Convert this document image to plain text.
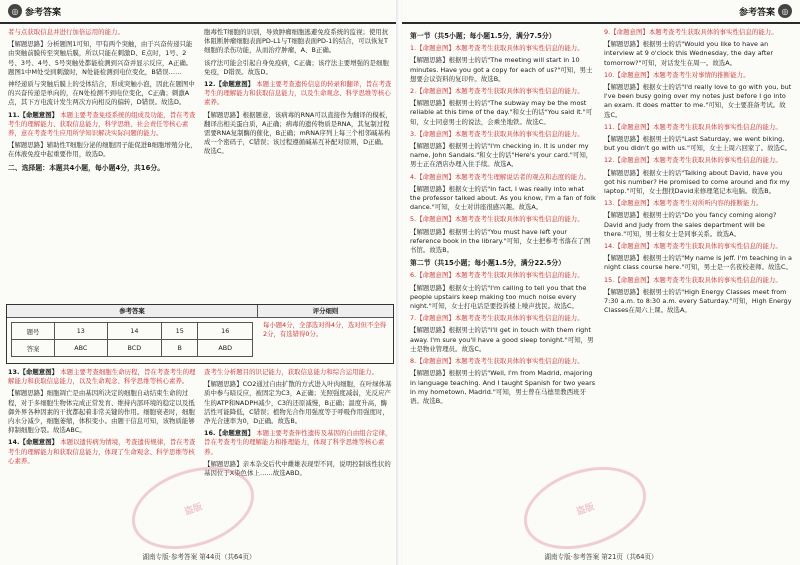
◎ 参考答案

者与点获取信息并进行加倍运用的能力。

【解题思路】分析题图1可知，甲有两个突触，由于兴奋传递只能由突触前膜传至突触后膜，所以只能在刺激D、E点时，1号、2号、3号、4号、5号突触处都能检测到兴奋并显示反应，A正确。题图1中M处受到刺激时，N处能检测到电位变化，B错误……

神经递质与突触后膜上的受体结合，形成突触小泡，因此在题图中的兴奋传递是单向的，在N处检测不到电位变化，C正确；刺激A点，其下方电流计发生两次方向相反的偏转，D错误。故选D。

11.【命题意图】 本题主要考查免疫系统的组成及功能，旨在考查考生的理解能力、获取信息能力，科学思维、社会责任等核心素养，意在考查考生应用所学知识解决实际问题的能力。

【解题思路】辅助性T细胞分泌的细胞因子能促进B细胞增殖分化，在体液免疫中起重要作用，故选D。

二、选择题：本题共4小题，每小题4分，共16分。

胞毒性T细胞的识别，导致肿瘤细胞逃避免疫系统的监视；使用抗体阻断肿瘤细胞表面PD-L1与T细胞表面PD-1的结合，可以恢复T细胞的杀伤功能，从而治疗肿瘤，A、B正确。

该疗法可能会引起自身免疫病，C正确；该疗法主要增强的是细胞免疫，D错误。故选D。

12.【命题意图】 本题主要考查遗传信息的转录和翻译，旨在考查考生的理解能力和获取信息能力，以及生命观念、科学思维等核心素养。

【解题思路】根据题意，该病毒的RNA可以直接作为翻译的模板，翻译出相关蛋白质，A正确；病毒的遗传物质是RNA，其复制过程需要RNA复制酶的催化，B正确；mRNA序列上每三个相邻碱基构成一个密码子，C错误；该过程遵循碱基互补配对原则，D正确。故选C。

参考答案	评分细则
题号	13	14	15	16
答案	ABC	BCD	B	ABD
每小题4分，全部选对得4分，选对但不全得2分，有选错得0分。

13.【命题意图】 本题主要考查细胞生命历程，旨在考查考生的理解能力和获取信息能力，以及生命观念、科学思维等核心素养。

【解题思路】细胞凋亡是由基因所决定的细胞自动结束生命的过程，对于多细胞生物体完成正常发育、维持内部环境的稳定以及抵御外界各种因素的干扰都起着非常关键的作用。细胞衰老时，细胞内水分减少，细胞萎缩，体积变小。由题干信息可知，该物质能够抑制细胞分裂。故选ABC。

14.【命题意图】 本题以遗传病为情境，考查遗传规律，旨在考查考生的理解能力和获取信息能力，体现了生命观念、科学思维等核心素养。

查考生分析题目的识记能力，获取信息能力和综合运用能力。

【解题思路】CO2通过自由扩散的方式进入叶肉细胞，在叶绿体基质中参与暗反应，被固定为C3，A正确；光照强度减弱，光反应产生的ATP和NADPH减少，C3的还原减慢，B正确；温度升高，酶活性可能降低，C错误；植物光合作用强度等于呼吸作用强度时，净光合速率为0，D正确。故选B。

16.【命题意图】 本题主要考查伴性遗传及基因的自由组合定律，旨在考查考生的理解能力和推理能力，体现了科学思维等核心素养。

【解题思路】亲本杂交后代中雌雄表现型不同，说明控制该性状的基因位于X染色体上……故选ABD。

盗版
湖南专版·参考答案 第44页（共64页）
参考答案 ◎
第一节（共5小题；每小题1.5分，满分7.5分）

1.【命题意图】本题考查考生获取具体的事实性信息的能力。

【解题思路】根据男士的话"The meeting will start in 10 minutes. Have you got a copy for each of us?"可知，男士想要会议资料的复印件。故选B。

2.【命题意图】本题考查考生获取具体的事实性信息的能力。

【解题思路】根据男士的话"The subway may be the most reliable at this time of the day."和女士的话"You said it."可知，女士同意男士的说法，会乘坐地铁。故选C。

3.【命题意图】本题考查考生获取具体的事实性信息的能力。

【解题思路】根据男士的话"I'm checking in. It is under my name, John Sandals."和女士的话"Here's your card."可知，男士正在酒店办理入住手续。故选A。

4.【命题意图】本题考查考生理解说话者的观点和态度的能力。

【解题思路】根据女士的话"In fact, I was really into what the professor talked about. As you know, I'm a fan of folk dance."可知，女士对讲座很感兴趣。故选A。

5.【命题意图】本题考查考生获取具体的事实性信息的能力。

【解题思路】根据男士的话"You must have left your reference book in the library."可知，女士把参考书落在了图书馆。故选B。

第二节（共15小题；每小题1.5分，满分22.5分）

6.【命题意图】本题考查考生获取具体的事实性信息的能力。

【解题思路】根据女士的话"I'm calling to tell you that the people upstairs keep making too much noise every night."可知，女士打电话是要投诉楼上噪声扰民。故选C。

7.【命题意图】本题考查考生获取具体的事实性信息的能力。

【解题思路】根据男士的话"I'll get in touch with them right away. I'm sure you'll have a good sleep tonight."可知，男士是物业管理员。故选C。

8.【命题意图】本题考查考生获取具体的事实性信息的能力。

【解题思路】根据男士的话"Well, I'm from Madrid, majoring in language teaching. And I taught Spanish for two years in my hometown, Madrid."可知，男士曾在马德里教西班牙语。故选B。

9.【命题意图】本题考查考生获取具体的事实性信息的能力。

【解题思路】根据男士的话"Would you like to have an interview at 9 o'clock this Wednesday, the day after tomorrow?"可知，对话发生在周一。故选A。

10.【命题意图】本题考查考生对事情的推断能力。

【解题思路】根据女士的话"I'd really love to go with you, but I've been busy going over my notes just before I go into an exam. It does matter to me."可知，女士要准备考试。故选C。

11.【命题意图】本题考查考生获取具体的事实性信息的能力。

【解题思路】根据男士的话"Last Saturday, we went biking, but you didn't go with us."可知，女士上周六回家了。故选C。

12.【命题意图】本题考查考生获取具体的事实性信息的能力。

【解题思路】根据女士的话"Talking about David, have you got his number? He promised to come around and fix my laptop."可知，女士想找David来修理笔记本电脑。故选B。

13.【命题意图】本题考查考生对所听内容的推断能力。

【解题思路】根据男士的话"Do you fancy coming along? David and Judy from the sales department will be there."可知，男士和女士是同事关系。故选A。

14.【命题意图】本题考查考生获取具体的事实性信息的能力。

【解题思路】根据男士的话"My name is Jeff. I'm teaching in a night class course here."可知，男士是一名夜校老师。故选C。

15.【命题意图】本题考查考生获取具体的事实性信息的能力。

【解题思路】根据男士的话"High Energy Classes meet from 7:30 a.m. to 8:30 a.m. every Saturday."可知，High Energy Classes在周六上课。故选A。

盗版
湖南专版·参考答案 第21页（共64页）
